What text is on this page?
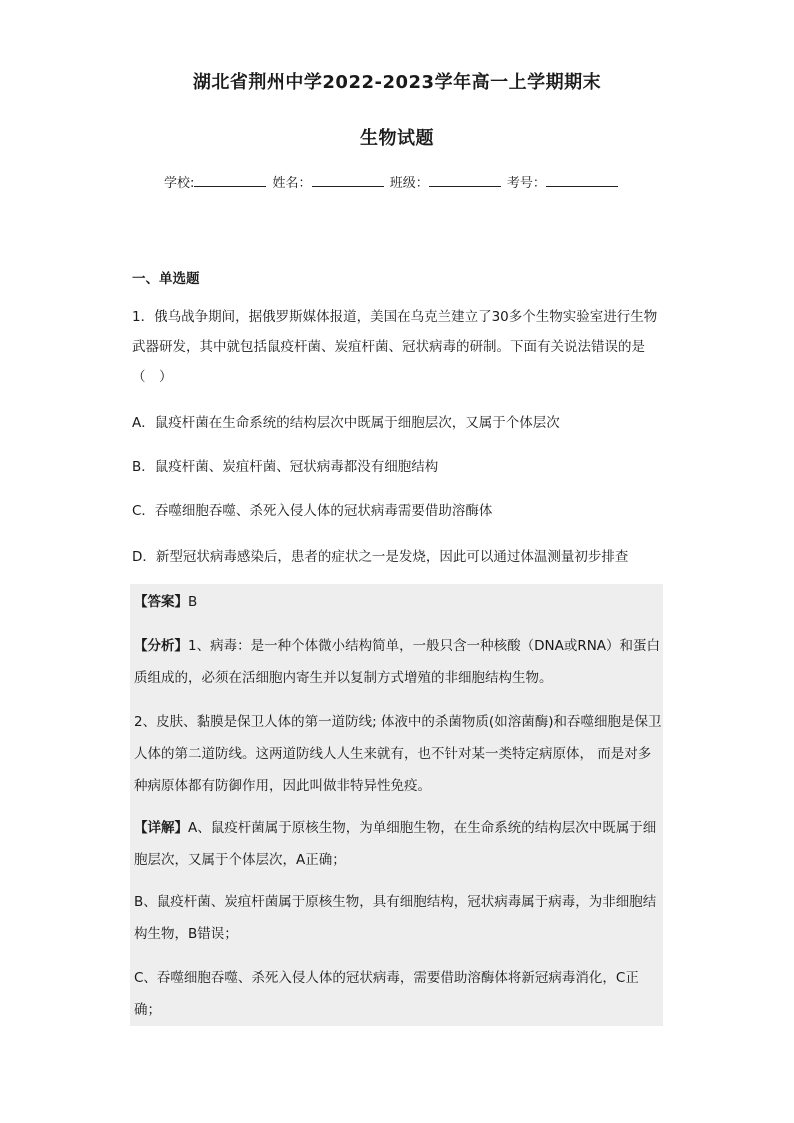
湖北省荆州中学2022-2023学年高一上学期期末
生物试题
学校:	姓名：	班级：	考号：
一、单选题

1．俄乌战争期间，据俄罗斯媒体报道，美国在乌克兰建立了30多个生物实验室进行生物武器研发，其中就包括鼠疫杆菌、炭疽杆菌、冠状病毒的研制。下面有关说法错误的是（　）

A．鼠疫杆菌在生命系统的结构层次中既属于细胞层次，又属于个体层次

B．鼠疫杆菌、炭疽杆菌、冠状病毒都没有细胞结构

C．吞噬细胞吞噬、杀死入侵人体的冠状病毒需要借助溶酶体

D．新型冠状病毒感染后，患者的症状之一是发烧，因此可以通过体温测量初步排查

【答案】B

【分析】1、病毒：是一种个体微小结构简单，一般只含一种核酸（DNA或RNA）和蛋白质组成的，必须在活细胞内寄生并以复制方式增殖的非细胞结构生物。

2、皮肤、黏膜是保卫人体的第一道防线; 体液中的杀菌物质(如溶菌酶)和吞噬细胞是保卫人体的第二道防线。这两道防线人人生来就有，也不针对某一类特定病原体， 而是对多种病原体都有防御作用，因此叫做非特异性免疫。

【详解】A、鼠疫杆菌属于原核生物，为单细胞生物，在生命系统的结构层次中既属于细胞层次，又属于个体层次，A正确；

B、鼠疫杆菌、炭疽杆菌属于原核生物，具有细胞结构，冠状病毒属于病毒，为非细胞结构生物，B错误；

C、吞噬细胞吞噬、杀死入侵人体的冠状病毒，需要借助溶酶体将新冠病毒消化，C正确；
